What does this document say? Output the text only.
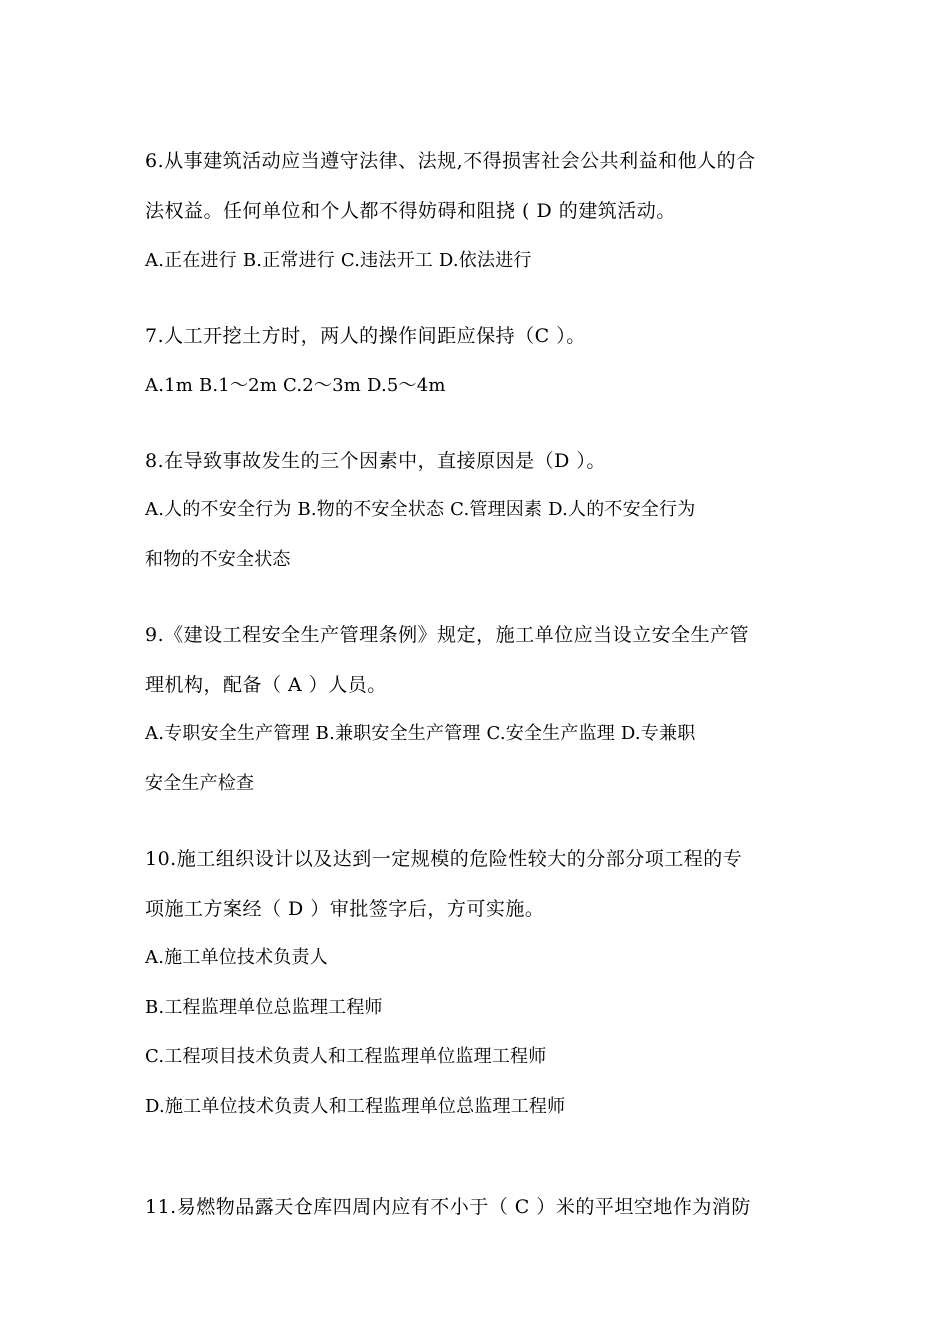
6.从事建筑活动应当遵守法律、法规,不得损害社会公共利益和他人的合
法权益。任何单位和个人都不得妨碍和阻挠 ( D 的建筑活动。
A.正在进行 B.正常进行 C.违法开工 D.依法进行
7.人工开挖土方时，两人的操作间距应保持（C ）。
A.1m B.1～2m C.2～3m D.5～4m
8.在导致事故发生的三个因素中，直接原因是（D ）。
A.人的不安全行为 B.物的不安全状态 C.管理因素 D.人的不安全行为
和物的不安全状态
9.《建设工程安全生产管理条例》规定，施工单位应当设立安全生产管
理机构，配备（ A ）人员。
A.专职安全生产管理 B.兼职安全生产管理 C.安全生产监理 D.专兼职
安全生产检查
10.施工组织设计以及达到一定规模的危险性较大的分部分项工程的专
项施工方案经（ D ）审批签字后，方可实施。
A.施工单位技术负责人
B.工程监理单位总监理工程师
C.工程项目技术负责人和工程监理单位监理工程师
D.施工单位技术负责人和工程监理单位总监理工程师
11.易燃物品露天仓库四周内应有不小于（ C ）米的平坦空地作为消防
